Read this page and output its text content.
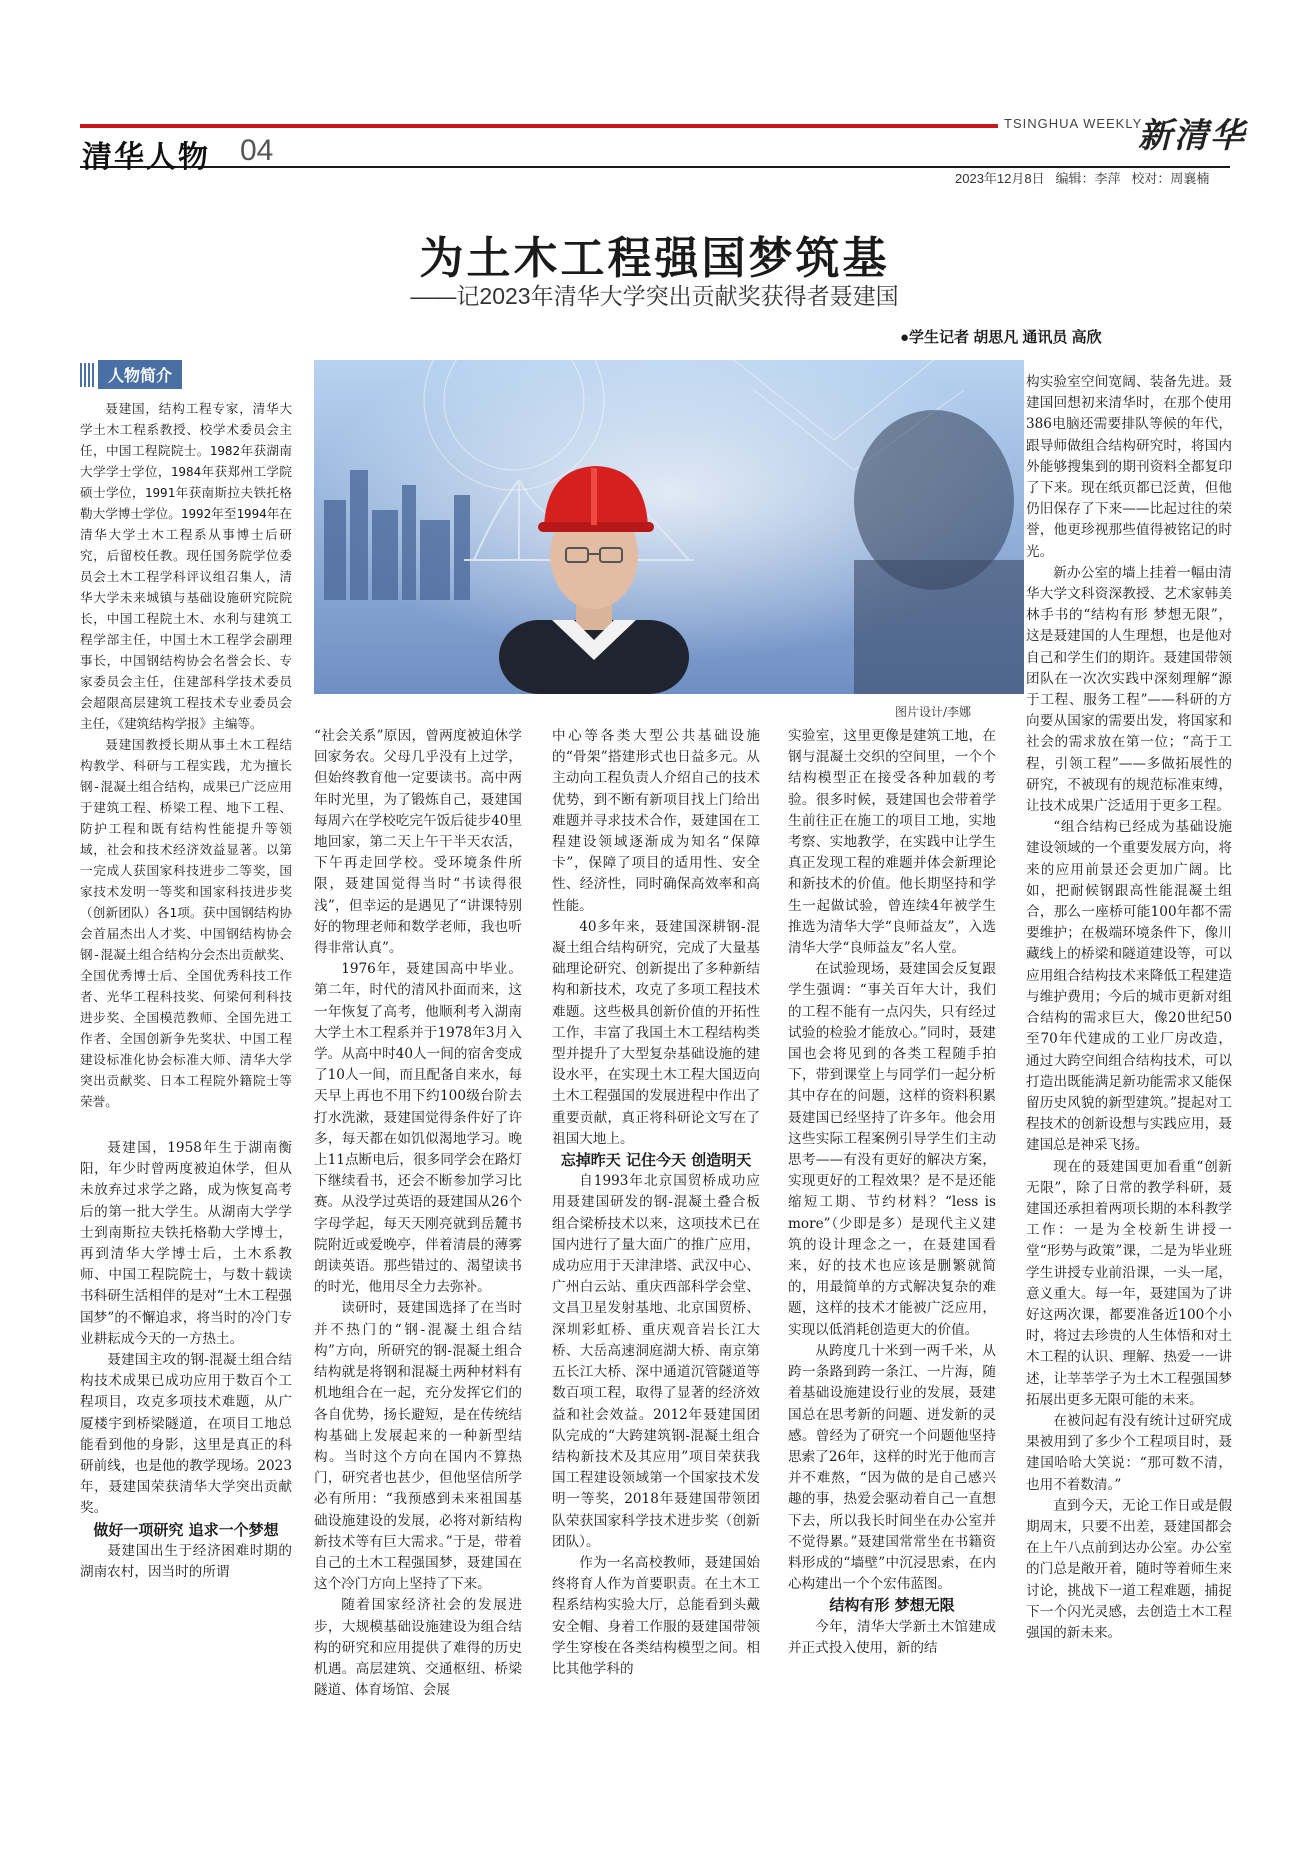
清华人物 04
TSINGHUA WEEKLY
新清华
2023年12月8日 编辑：李萍 校对：周襄楠
为土木工程强国梦筑基
——记2023年清华大学突出贡献奖获得者聂建国
●学生记者 胡思凡 通讯员 高欣
人物简介

聂建国，结构工程专家，清华大学土木工程系教授、校学术委员会主任，中国工程院院士。1982年获湖南大学学士学位，1984年获郑州工学院硕士学位，1991年获南斯拉夫铁托格勒大学博士学位。1992年至1994年在清华大学土木工程系从事博士后研究，后留校任教。现任国务院学位委员会土木工程学科评议组召集人，清华大学未来城镇与基础设施研究院院长，中国工程院土木、水利与建筑工程学部主任，中国土木工程学会副理事长，中国钢结构协会名誉会长、专家委员会主任，住建部科学技术委员会超限高层建筑工程技术专业委员会主任，《建筑结构学报》主编等。

聂建国教授长期从事土木工程结构教学、科研与工程实践，尤为擅长钢-混凝土组合结构，成果已广泛应用于建筑工程、桥梁工程、地下工程、防护工程和既有结构性能提升等领域，社会和技术经济效益显著。以第一完成人获国家科技进步二等奖，国家技术发明一等奖和国家科技进步奖（创新团队）各1项。获中国钢结构协会首届杰出人才奖、中国钢结构协会钢-混凝土组合结构分会杰出贡献奖、全国优秀博士后、全国优秀科技工作者、光华工程科技奖、何梁何利科技进步奖、全国模范教师、全国先进工作者、全国创新争先奖状、中国工程建设标准化协会标准大师、清华大学突出贡献奖、日本工程院外籍院士等荣誉。

图片设计/李娜

聂建国，1958年生于湖南衡阳，年少时曾两度被迫休学，但从未放弃过求学之路，成为恢复高考后的第一批大学生。从湖南大学学士到南斯拉夫铁托格勒大学博士，再到清华大学博士后，土木系教师、中国工程院院士，与数十载读书科研生活相伴的是对“土木工程强国梦”的不懈追求，将当时的冷门专业耕耘成今天的一方热土。

聂建国主攻的钢-混凝土组合结构技术成果已成功应用于数百个工程项目，攻克多项技术难题，从广厦楼宇到桥梁隧道，在项目工地总能看到他的身影，这里是真正的科研前线，也是他的教学现场。2023年，聂建国荣获清华大学突出贡献奖。

做好一项研究 追求一个梦想

聂建国出生于经济困难时期的湖南农村，因当时的所谓

“社会关系”原因，曾两度被迫休学回家务农。父母几乎没有上过学，但始终教育他一定要读书。高中两年时光里，为了锻炼自己，聂建国每周六在学校吃完午饭后徒步40里地回家，第二天上午干半天农活，下午再走回学校。受环境条件所限，聂建国觉得当时“书读得很浅”，但幸运的是遇见了“讲课特别好的物理老师和数学老师，我也听得非常认真”。

1976年，聂建国高中毕业。第二年，时代的清风扑面而来，这一年恢复了高考，他顺利考入湖南大学土木工程系并于1978年3月入学。从高中时40人一间的宿舍变成了10人一间，而且配备自来水，每天早上再也不用下约100级台阶去打水洗漱，聂建国觉得条件好了许多，每天都在如饥似渴地学习。晚上11点断电后，很多同学会在路灯下继续看书，还会不断参加学习比赛。从没学过英语的聂建国从26个字母学起，每天天刚亮就到岳麓书院附近或爱晚亭，伴着清晨的薄雾朗读英语。那些错过的、渴望读书的时光，他用尽全力去弥补。

读研时，聂建国选择了在当时并不热门的“钢-混凝土组合结构”方向，所研究的钢-混凝土组合结构就是将钢和混凝土两种材料有机地组合在一起，充分发挥它们的各自优势，扬长避短，是在传统结构基础上发展起来的一种新型结构。当时这个方向在国内不算热门，研究者也甚少，但他坚信所学必有所用：“我预感到未来祖国基础设施建设的发展，必将对新结构新技术等有巨大需求。”于是，带着自己的土木工程强国梦，聂建国在这个冷门方向上坚持了下来。

随着国家经济社会的发展进步，大规模基础设施建设为组合结构的研究和应用提供了难得的历史机遇。高层建筑、交通枢纽、桥梁隧道、体育场馆、会展

中心等各类大型公共基础设施的“骨架”搭建形式也日益多元。从主动向工程负责人介绍自己的技术优势，到不断有新项目找上门给出难题并寻求技术合作，聂建国在工程建设领域逐渐成为知名“保障卡”，保障了项目的适用性、安全性、经济性，同时确保高效率和高性能。

40多年来，聂建国深耕钢-混凝土组合结构研究，完成了大量基础理论研究、创新提出了多种新结构和新技术，攻克了多项工程技术难题。这些极具创新价值的开拓性工作，丰富了我国土木工程结构类型并提升了大型复杂基础设施的建设水平，在实现土木工程大国迈向土木工程强国的发展进程中作出了重要贡献，真正将科研论文写在了祖国大地上。

忘掉昨天 记住今天 创造明天

自1993年北京国贸桥成功应用聂建国研发的钢-混凝土叠合板组合梁桥技术以来，这项技术已在国内进行了量大面广的推广应用，成功应用于天津津塔、武汉中心、广州白云站、重庆西部科学会堂、文昌卫星发射基地、北京国贸桥、深圳彩虹桥、重庆观音岩长江大桥、大岳高速洞庭湖大桥、南京第五长江大桥、深中通道沉管隧道等数百项工程，取得了显著的经济效益和社会效益。2012年聂建国团队完成的“大跨建筑钢-混凝土组合结构新技术及其应用”项目荣获我国工程建设领域第一个国家技术发明一等奖，2018年聂建国带领团队荣获国家科学技术进步奖（创新团队）。

作为一名高校教师，聂建国始终将育人作为首要职责。在土木工程系结构实验大厅，总能看到头戴安全帽、身着工作服的聂建国带领学生穿梭在各类结构模型之间。相比其他学科的

实验室，这里更像是建筑工地，在钢与混凝土交织的空间里，一个个结构模型正在接受各种加载的考验。很多时候，聂建国也会带着学生前往正在施工的项目工地，实地考察、实地教学，在实践中让学生真正发现工程的难题并体会新理论和新技术的价值。他长期坚持和学生一起做试验，曾连续4年被学生推选为清华大学“良师益友”，入选清华大学“良师益友”名人堂。

在试验现场，聂建国会反复跟学生强调：“事关百年大计，我们的工程不能有一点闪失，只有经过试验的检验才能放心。”同时，聂建国也会将见到的各类工程随手拍下，带到课堂上与同学们一起分析其中存在的问题，这样的资料积累聂建国已经坚持了许多年。他会用这些实际工程案例引导学生们主动思考——有没有更好的解决方案，实现更好的工程效果？是不是还能缩短工期、节约材料？“less is more”（少即是多）是现代主义建筑的设计理念之一，在聂建国看来，好的技术也应该是删繁就简的，用最简单的方式解决复杂的难题，这样的技术才能被广泛应用，实现以低消耗创造更大的价值。

从跨度几十米到一两千米，从跨一条路到跨一条江、一片海，随着基础设施建设行业的发展，聂建国总在思考新的问题、迸发新的灵感。曾经为了研究一个问题他坚持思索了26年，这样的时光于他而言并不难熬，“因为做的是自己感兴趣的事，热爱会驱动着自己一直想下去，所以我长时间坐在办公室并不觉得累。”聂建国常常坐在书籍资料形成的“墙壁”中沉浸思索，在内心构建出一个个宏伟蓝图。

结构有形 梦想无限

今年，清华大学新土木馆建成并正式投入使用，新的结

构实验室空间宽阔、装备先进。聂建国回想初来清华时，在那个使用386电脑还需要排队等候的年代，跟导师做组合结构研究时，将国内外能够搜集到的期刊资料全都复印了下来。现在纸页都已泛黄，但他仍旧保存了下来——比起过往的荣誉，他更珍视那些值得被铭记的时光。

新办公室的墙上挂着一幅由清华大学文科资深教授、艺术家韩美林手书的“结构有形 梦想无限”，这是聂建国的人生理想，也是他对自己和学生们的期许。聂建国带领团队在一次次实践中深刻理解“源于工程、服务工程”——科研的方向要从国家的需要出发，将国家和社会的需求放在第一位；“高于工程，引领工程”——多做拓展性的研究，不被现有的规范标准束缚，让技术成果广泛适用于更多工程。

“组合结构已经成为基础设施建设领域的一个重要发展方向，将来的应用前景还会更加广阔。比如，把耐候钢跟高性能混凝土组合，那么一座桥可能100年都不需要维护；在极端环境条件下，像川藏线上的桥梁和隧道建设等，可以应用组合结构技术来降低工程建造与维护费用；今后的城市更新对组合结构的需求巨大，像20世纪50至70年代建成的工业厂房改造，通过大跨空间组合结构技术，可以打造出既能满足新功能需求又能保留历史风貌的新型建筑。”提起对工程技术的创新设想与实践应用，聂建国总是神采飞扬。

现在的聂建国更加看重“创新无限”，除了日常的教学科研，聂建国还承担着两项长期的本科教学工作：一是为全校新生讲授一堂“形势与政策”课，二是为毕业班学生讲授专业前沿课，一头一尾，意义重大。每一年，聂建国为了讲好这两次课，都要准备近100个小时，将过去珍贵的人生体悟和对土木工程的认识、理解、热爱一一讲述，让莘莘学子为土木工程强国梦拓展出更多无限可能的未来。

在被问起有没有统计过研究成果被用到了多少个工程项目时，聂建国哈哈大笑说：“那可数不清，也用不着数清。”

直到今天，无论工作日或是假期周末，只要不出差，聂建国都会在上午八点前到达办公室。办公室的门总是敞开着，随时等着师生来讨论，挑战下一道工程难题，捕捉下一个闪光灵感，去创造土木工程强国的新未来。
